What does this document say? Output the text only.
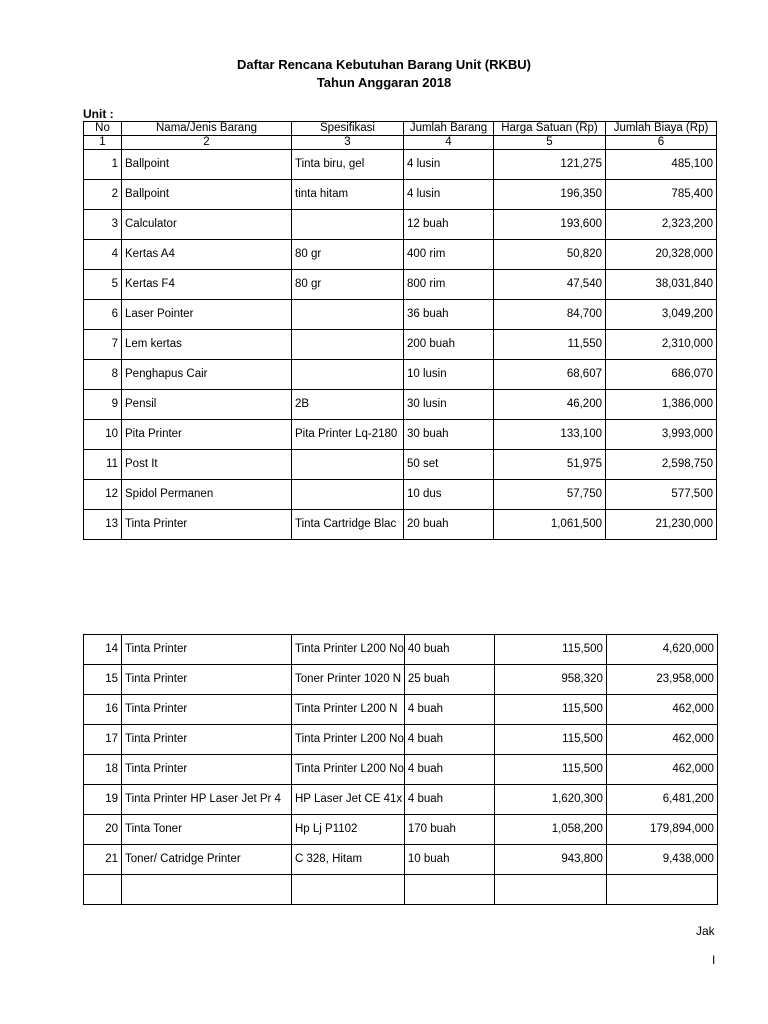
Daftar Rencana Kebutuhan Barang Unit (RKBU)
Tahun Anggaran 2018
Unit :
No	Nama/Jenis Barang	Spesifikasi	Jumlah Barang	Harga Satuan (Rp)	Jumlah Biaya (Rp)
1	2	3	4	5	6
1	Ballpoint	Tinta biru, gel	4 lusin	121,275	485,100
2	Ballpoint	tinta hitam	4 lusin	196,350	785,400
3	Calculator		12 buah	193,600	2,323,200
4	Kertas A4	80 gr	400 rim	50,820	20,328,000
5	Kertas F4	80 gr	800 rim	47,540	38,031,840
6	Laser Pointer		36 buah	84,700	3,049,200
7	Lem kertas		200 buah	11,550	2,310,000
8	Penghapus Cair		10 lusin	68,607	686,070
9	Pensil	2B	30 lusin	46,200	1,386,000
10	Pita Printer	Pita Printer Lq-2180	30 buah	133,100	3,993,000
11	Post It		50 set	51,975	2,598,750
12	Spidol Permanen		10 dus	57,750	577,500
13	Tinta Printer	Tinta Cartridge Blac	20 buah	1,061,500	21,230,000
14	Tinta Printer	Tinta Printer L200 No	40 buah	115,500	4,620,000
15	Tinta Printer	Toner Printer 1020 N	25 buah	958,320	23,958,000
16	Tinta Printer	Tinta Printer L200 N	4 buah	115,500	462,000
17	Tinta Printer	Tinta Printer L200 No	4 buah	115,500	462,000
18	Tinta Printer	Tinta Printer L200 No	4 buah	115,500	462,000
19	Tinta Printer HP Laser Jet Pr 4	HP Laser Jet CE 41x	4 buah	1,620,300	6,481,200
20	Tinta Toner	Hp Lj P1102	170 buah	1,058,200	179,894,000
21	Toner/ Catridge Printer	C 328, Hitam	10 buah	943,800	9,438,000

Jak
I
